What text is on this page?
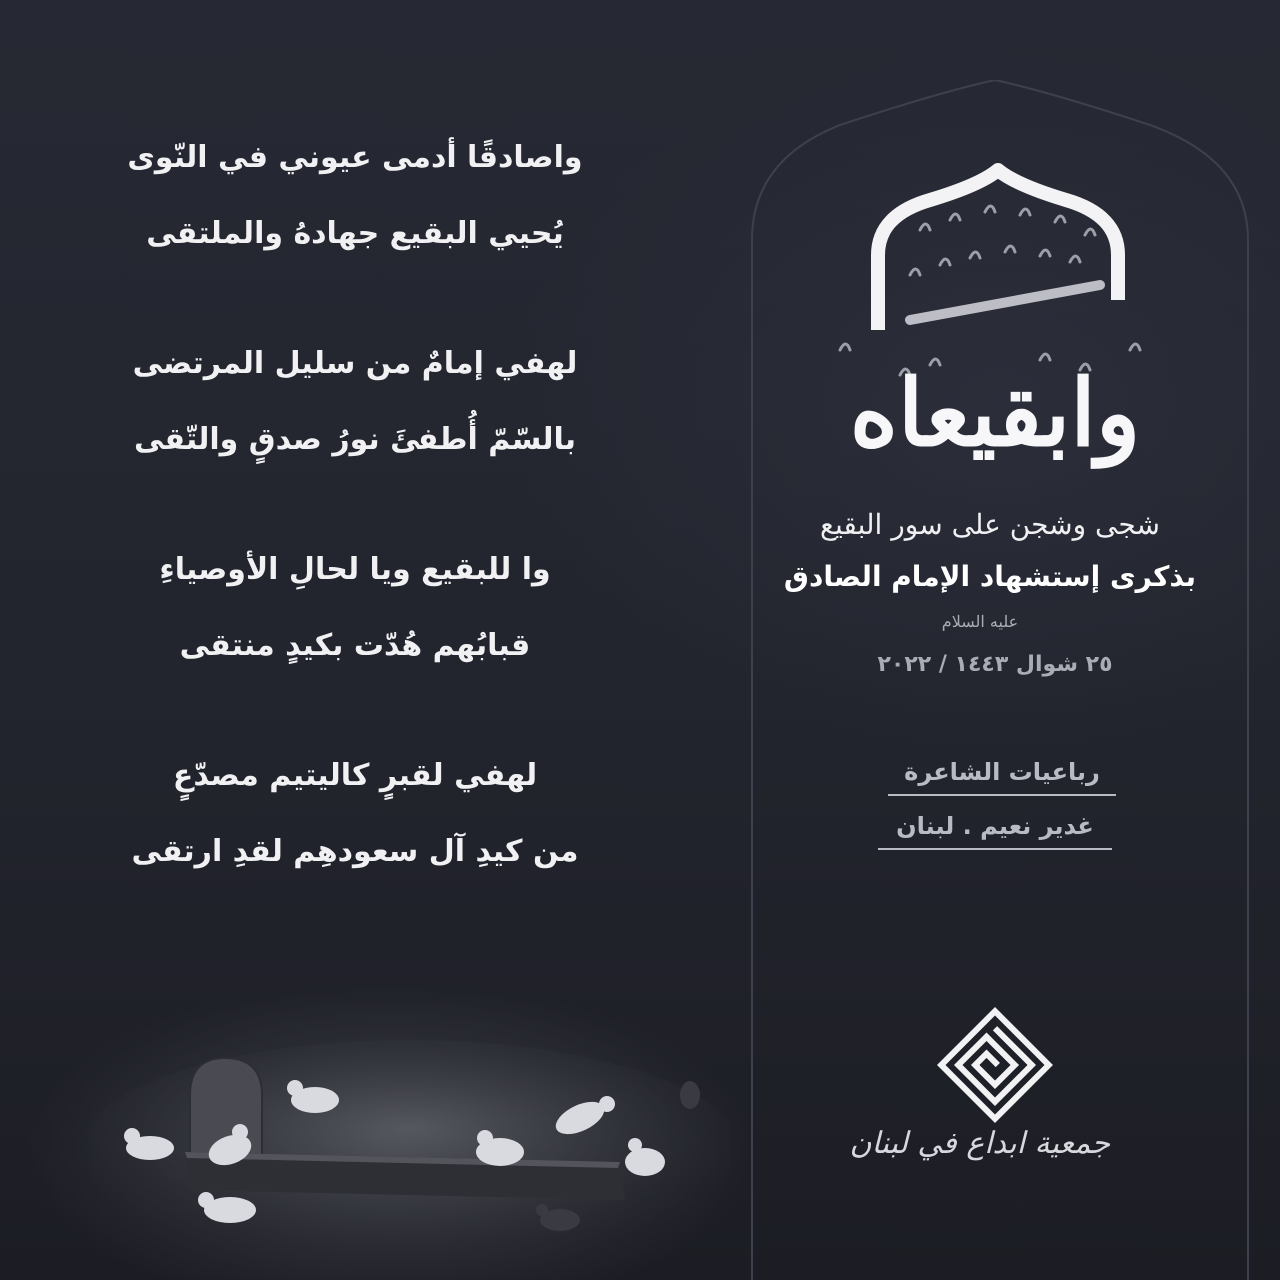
واصادقًا أدمى عيوني في النّوى
يُحيي البقيع جهادهُ والملتقى
لهفي إمامٌ من سليل المرتضى
بالسّمّ أُطفئَ نورُ صدقٍ والتّقى
وا للبقيع ويا لحالِ الأوصياءِ
قبابُهم هُدّت بكيدٍ منتقى
لهفي لقبرٍ كاليتيم مصدّعٍ
من كيدِ آل سعودهِم لقدِ ارتقى
وابقيعاه
شجى وشجن على سور البقيع
بذكرى إستشهاد الإمام الصادق
عليه السلام
٢٥ شوال ١٤٤٣ / ٢٠٢٢
رباعيات الشاعرة
غدير نعيم . لبنان
جمعية ابداع في لبنان
